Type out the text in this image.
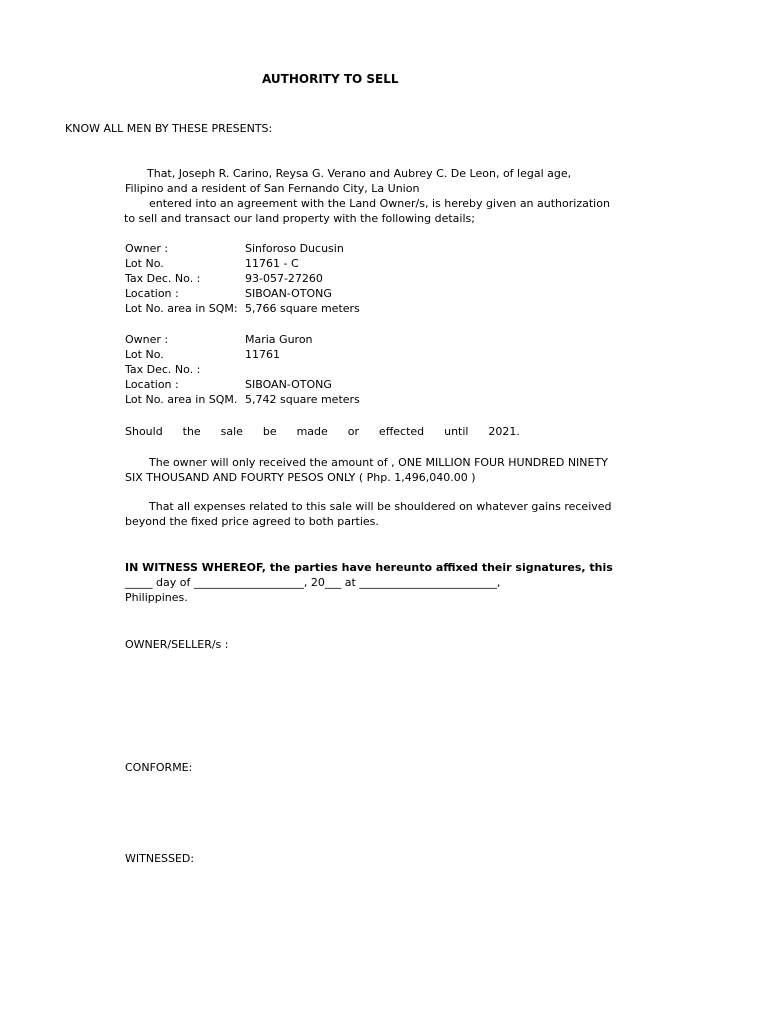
AUTHORITY TO SELL
KNOW ALL MEN BY THESE PRESENTS:
That, Joseph R. Carino, Reysa G. Verano and Aubrey C. De Leon, of legal age,
Filipino and a resident of San Fernando City, La Union
entered into an agreement with the Land Owner/s, is hereby given an authorization
to sell and transact our land property with the following details;
Owner :	Sinforoso Ducusin
Lot No.	11761 - C
Tax Dec. No. :	93-057-27260
Location :	SIBOAN-OTONG
Lot No. area in SQM: 5,766 square meters
Owner :	Maria Guron
Lot No.	11761
Tax Dec. No. :
Location :	SIBOAN-OTONG
Lot No. area in SQM. 5,742 square meters
Should the sale be made or effected until 2021.
The owner will only received the amount of , ONE MILLION FOUR HUNDRED NINETY
SIX THOUSAND AND FOURTY PESOS ONLY ( Php. 1,496,040.00 )
That all expenses related to this sale will be shouldered on whatever gains received
beyond the fixed price agreed to both parties.
IN WITNESS WHEREOF, the parties have hereunto affixed their signatures, this
_____ day of ____________________, 20___ at _________________________,
Philippines.
OWNER/SELLER/s :
CONFORME:
WITNESSED:
